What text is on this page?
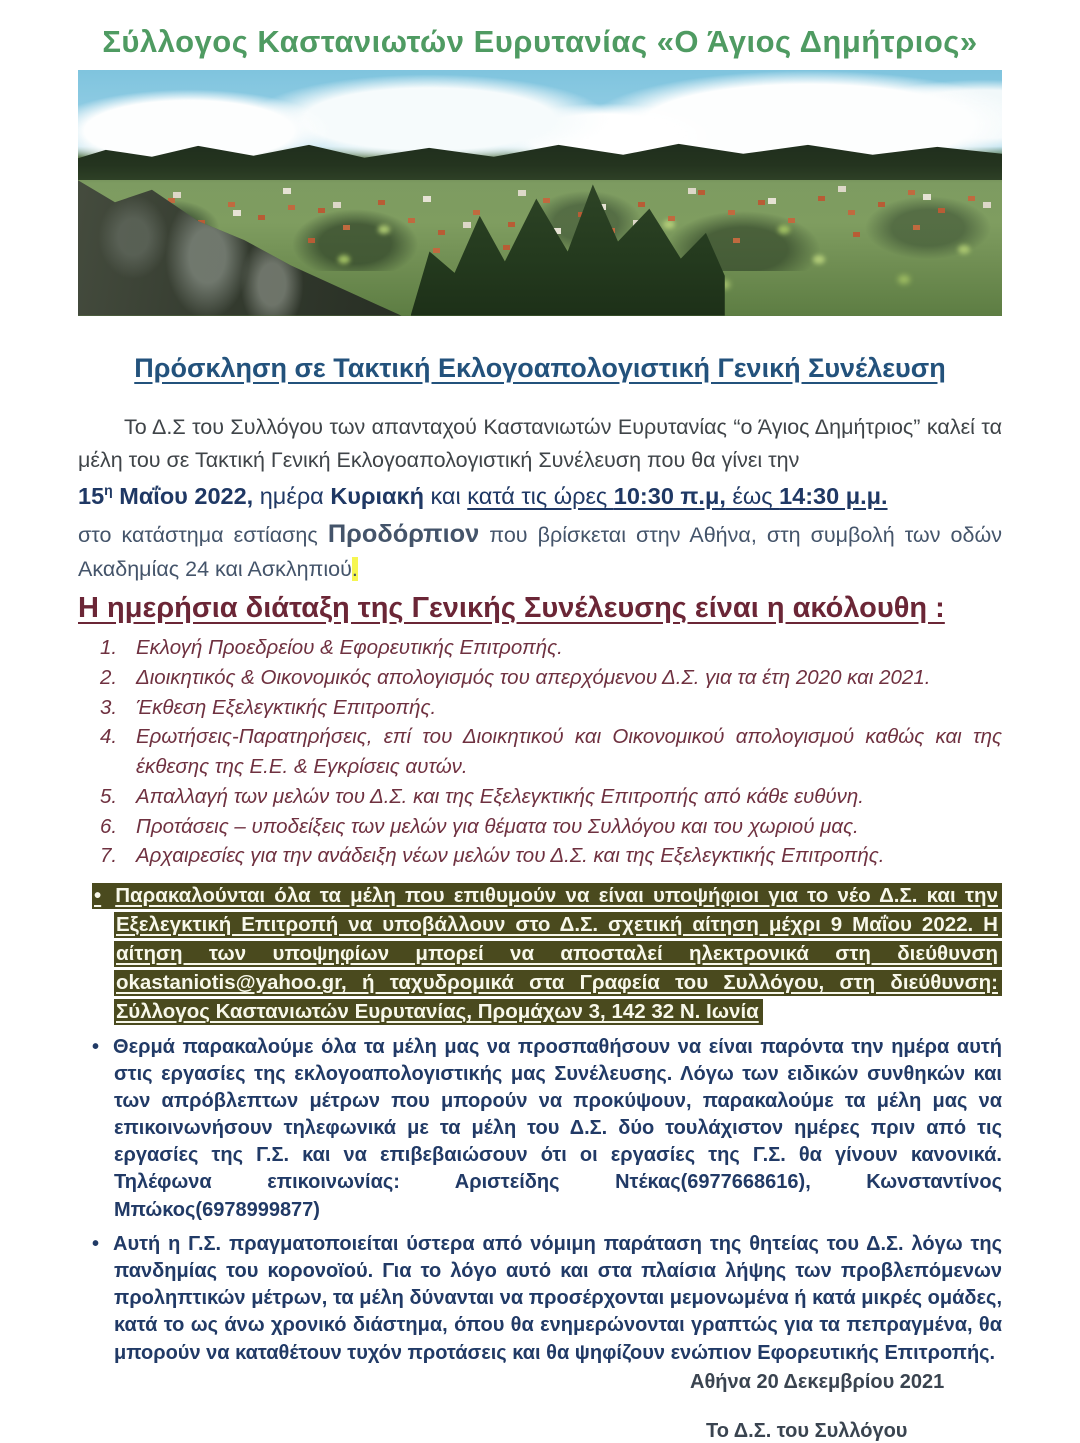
Σύλλογος Καστανιωτών Ευρυτανίας «Ο Άγιος Δημήτριος»
Πρόσκληση σε Τακτική Εκλογοαπολογιστική Γενική Συνέλευση

Το Δ.Σ του Συλλόγου των απανταχού Καστανιωτών Ευρυτανίας “ο Άγιος Δημήτριος” καλεί τα μέλη του σε Τακτική Γενική Εκλογοαπολογιστική Συνέλευση που θα γίνει την

$15^\eta$ Μαΐου 2022, ημέρα Κυριακή και κατά τις ώρες 10:30 π.μ, έως 14:30 μ.μ.

στο κατάστημα εστίασης Προδόρπιον που βρίσκεται στην Αθήνα, στη συμβολή των οδών Ακαδημίας 24 και Ασκληπιού.

Η ημερήσια διάταξη της Γενικής Συνέλευσης είναι η ακόλουθη :
Εκλογή Προεδρείου & Εφορευτικής Επιτροπής.
Διοικητικός & Οικονομικός απολογισμός του απερχόμενου Δ.Σ. για τα έτη 2020 και 2021.
Έκθεση Εξελεγκτικής Επιτροπής.
Ερωτήσεις-Παρατηρήσεις, επί του Διοικητικού και Οικονομικού απολογισμού καθώς και της έκθεσης της Ε.Ε. & Εγκρίσεις αυτών.
Απαλλαγή των μελών του Δ.Σ. και της Εξελεγκτικής Επιτροπής από κάθε ευθύνη.
Προτάσεις – υποδείξεις των μελών για θέματα του Συλλόγου και του χωριού μας.
Αρχαιρεσίες για την ανάδειξη νέων μελών του Δ.Σ. και της Εξελεγκτικής Επιτροπής.
• Παρακαλούνται όλα τα μέλη που επιθυμούν να είναι υποψήφιοι για το νέο Δ.Σ. και την Εξελεγκτική Επιτροπή να υποβάλλουν στο Δ.Σ. σχετική αίτηση μέχρι 9 Μαΐου 2022. Η αίτηση των υποψηφίων μπορεί να αποσταλεί ηλεκτρονικά στη διεύθυνση okastaniotis@yahoo.gr, ή ταχυδρομικά στα Γραφεία του Συλλόγου, στη διεύθυνση: Σύλλογος Καστανιωτών Ευρυτανίας, Προμάχων 3, 142 32 Ν. Ιωνία
• Θερμά παρακαλούμε όλα τα μέλη μας να προσπαθήσουν να είναι παρόντα την ημέρα αυτή στις εργασίες της εκλογοαπολογιστικής μας Συνέλευσης. Λόγω των ειδικών συνθηκών και των απρόβλεπτων μέτρων που μπορούν να προκύψουν, παρακαλούμε τα μέλη μας να επικοινωνήσουν τηλεφωνικά με τα μέλη του Δ.Σ. δύο τουλάχιστον ημέρες πριν από τις εργασίες της Γ.Σ. και να επιβεβαιώσουν ότι οι εργασίες της Γ.Σ. θα γίνουν κανονικά. Τηλέφωνα επικοινωνίας: Αριστείδης Ντέκας(6977668616), Κωνσταντίνος Μπώκος(6978999877)
• Αυτή η Γ.Σ. πραγματοποιείται ύστερα από νόμιμη παράταση της θητείας του Δ.Σ. λόγω της πανδημίας του κορονοϊού. Για το λόγο αυτό και στα πλαίσια λήψης των προβλεπόμενων προληπτικών μέτρων, τα μέλη δύνανται να προσέρχονται μεμονωμένα ή κατά μικρές ομάδες, κατά το ως άνω χρονικό διάστημα, όπου θα ενημερώνονται γραπτώς για τα πεπραγμένα, θα μπορούν να καταθέτουν τυχόν προτάσεις και θα ψηφίζουν ενώπιον Εφορευτικής Επιτροπής.

Αθήνα 20 Δεκεμβρίου 2021

Το Δ.Σ. του Συλλόγου
